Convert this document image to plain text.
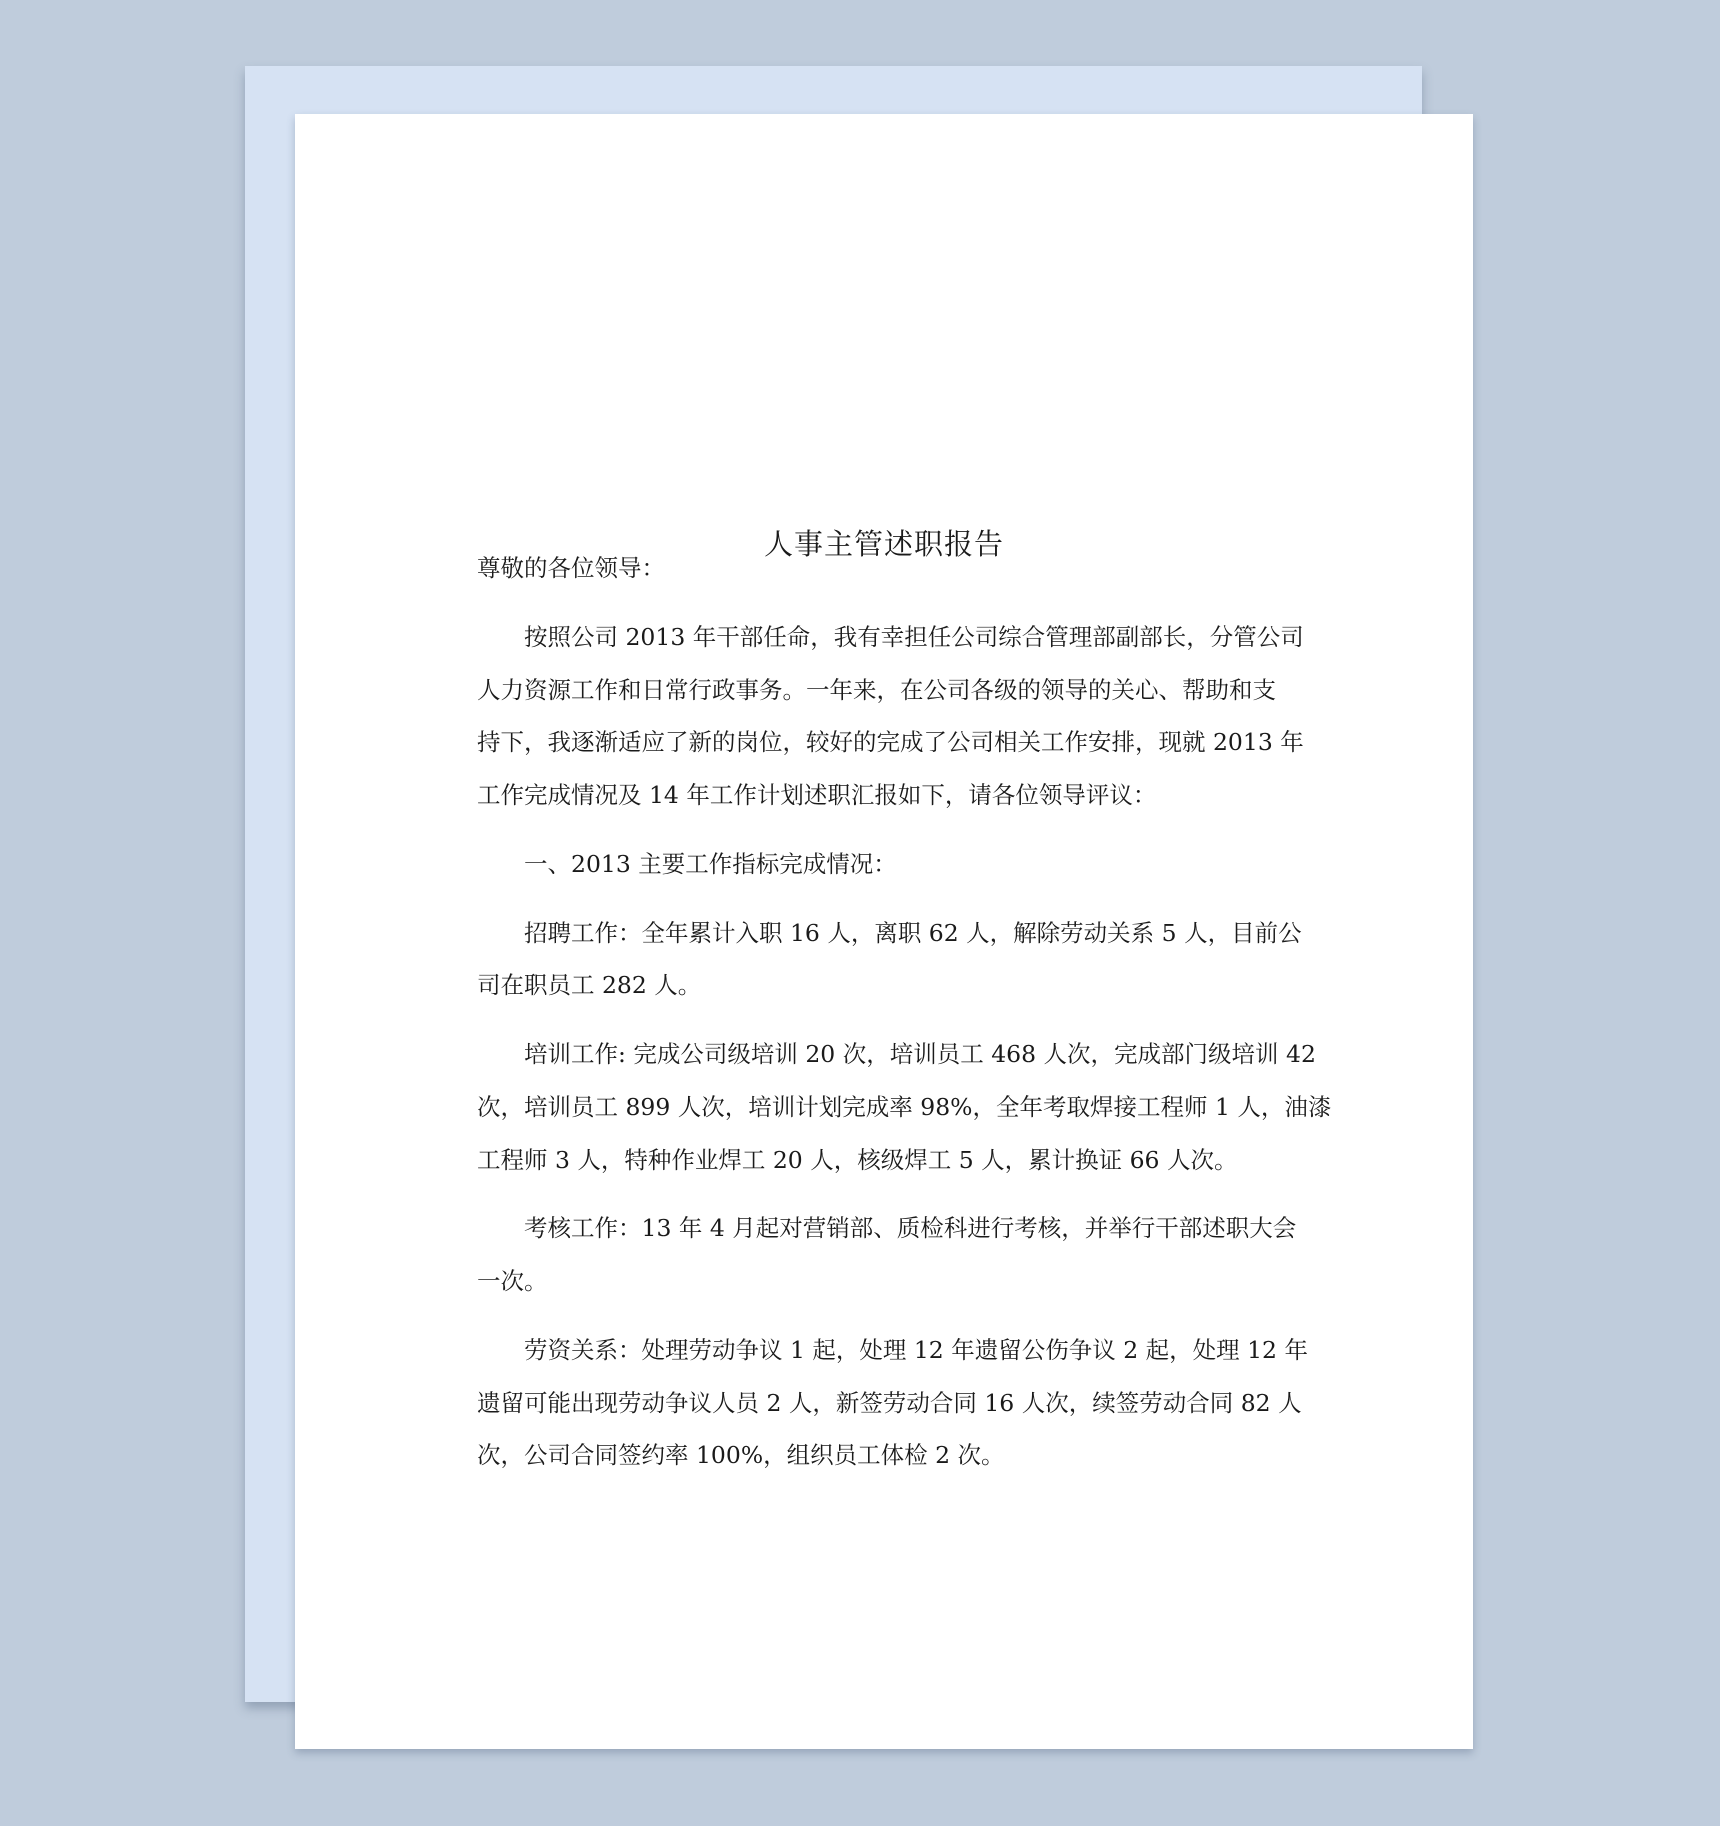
人事主管述职报告
尊敬的各位领导：
按照公司 2013 年干部任命，我有幸担任公司综合管理部副部长，分管公司
人力资源工作和日常行政事务。一年来，在公司各级的领导的关心、帮助和支
持下，我逐渐适应了新的岗位，较好的完成了公司相关工作安排，现就 2013 年
工作完成情况及 14 年工作计划述职汇报如下，请各位领导评议：
一、2013 主要工作指标完成情况：
招聘工作：全年累计入职 16 人，离职 62 人，解除劳动关系 5 人，目前公
司在职员工 282 人。
培训工作: 完成公司级培训 20 次，培训员工 468 人次，完成部门级培训 42
次，培训员工 899 人次，培训计划完成率 98%，全年考取焊接工程师 1 人，油漆
工程师 3 人，特种作业焊工 20 人，核级焊工 5 人，累计换证 66 人次。
考核工作：13 年 4 月起对营销部、质检科进行考核，并举行干部述职大会
一次。
劳资关系：处理劳动争议 1 起，处理 12 年遗留公伤争议 2 起，处理 12 年
遗留可能出现劳动争议人员 2 人，新签劳动合同 16 人次，续签劳动合同 82 人
次，公司合同签约率 100%，组织员工体检 2 次。
